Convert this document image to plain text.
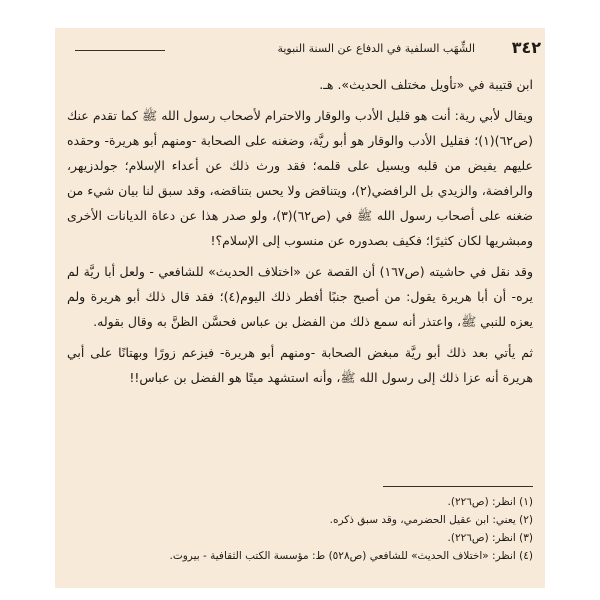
٣٤٢
الشِّهَب السلفية في الدفاع عن السنة النبوية

ابن قتيبة في «تأويل مختلف الحديث». هـ.

ويقال لأبي رية: أنت هو قليل الأدب والوقار والاحترام لأصحاب رسول الله ﷺ كما تقدم عنك (ص٦٢)(١)؛ فقليل الأدب والوقار هو أبو ريَّة، وضغنه على الصحابة -ومنهم أبو هريرة- وحقده عليهم يفيض من قلبه ويسيل على قلمه؛ فقد ورث ذلك عن أعداء الإسلام؛ جولدزيهر، والرافضة، والزيدي بل الرافضي(٢)، ويتناقض ولا يحس بتناقضه، وقد سبق لنا بيان شيء من ضغنه على أصحاب رسول الله ﷺ في (ص٦٢)(٣)، ولو صدر هذا عن دعاة الديانات الأخرى ومبشريها لكان كثيرًا؛ فكيف بصدوره عن منسوب إلى الإسلام؟!

وقد نقل في حاشيته (ص١٦٧) أن القصة عن «اختلاف الحديث» للشافعي - ولعل أبا ريَّة لم يره- أن أبا هريرة يقول: من أصبح جنبًا أفطر ذلك اليوم(٤)؛ فقد قال ذلك أبو هريرة ولم يعزه للنبي ﷺ، واعتذر أنه سمع ذلك من الفضل بن عباس فحسَّن الظنَّ به وقال بقوله.

ثم يأتي بعد ذلك أبو ريَّة مبغض الصحابة -ومنهم أبو هريرة- فيزعم زورًا وبهتانًا على أبي هريرة أنه عزا ذلك إلى رسول الله ﷺ، وأنه استشهد ميتًا هو الفضل بن عباس!!

(١) انظر: (ص٢٢٦).
(٢) يعني: ابن عقيل الحضرمي، وقد سبق ذكره.
(٣) انظر: (ص٢٢٦).
(٤) انظر: «اختلاف الحديث» للشافعي (ص٥٢٨) ط: مؤسسة الكتب الثقافية - بيروت.
